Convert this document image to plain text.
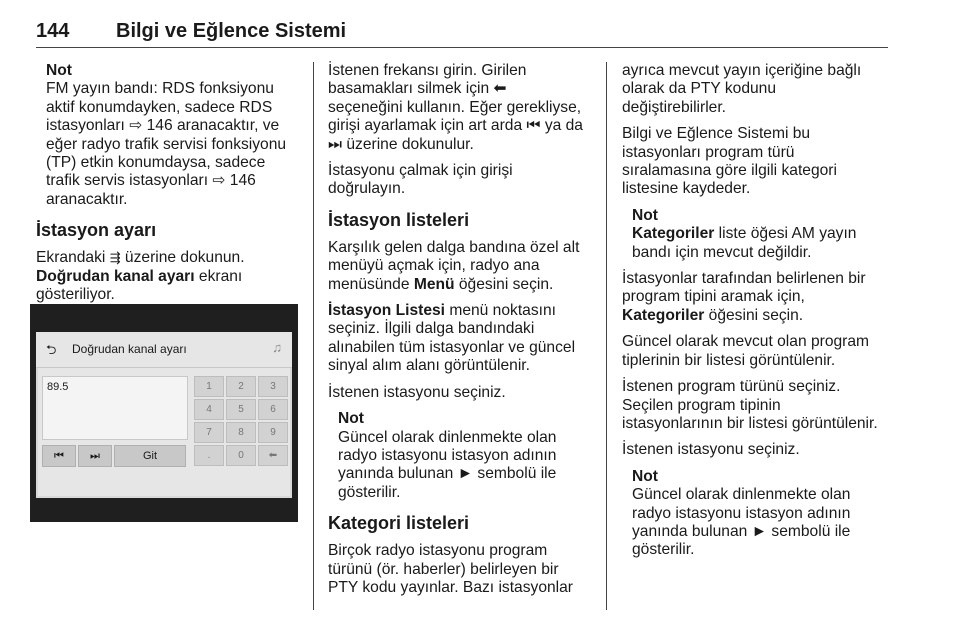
144 Bilgi ve Eğlence Sistemi
Not
FM yayın bandı: RDS fonksiyonu
aktif konumdayken, sadece RDS
istasyonları ⇨ 146 aranacaktır, ve
eğer radyo trafik servisi fonksiyonu
(TP) etkin konumdaysa, sadece
trafik servis istasyonları ⇨ 146
aranacaktır.
İstasyon ayarı
Ekrandaki ⇶ üzerine dokunun.
Doğrudan kanal ayarı ekranı
gösteriliyor.
⮌ Doğrudan kanal ayarı	♫
89.5	1	2	3
4	5	6
7	8	9
.	0	⬅
⏮	⏭	Git

İstenen frekansı girin. Girilen
basamakları silmek için ⬅
seçeneğini kullanın. Eğer gerekliyse,
girişi ayarlamak için art arda ⏮ ya da
⏭ üzerine dokunulur.

İstasyonu çalmak için girişi
doğrulayın.

İstasyon listeleri

Karşılık gelen dalga bandına özel alt
menüyü açmak için, radyo ana
menüsünde Menü öğesini seçin.

İstasyon Listesi menü noktasını
seçiniz. İlgili dalga bandındaki
alınabilen tüm istasyonlar ve güncel
sinyal alım alanı görüntülenir.

İstenen istasyonu seçiniz.

Not
Güncel olarak dinlenmekte olan
radyo istasyonu istasyon adının
yanında bulunan ► sembolü ile
gösterilir.

Kategori listeleri

Birçok radyo istasyonu program
türünü (ör. haberler) belirleyen bir
PTY kodu yayınlar. Bazı istasyonlar

ayrıca mevcut yayın içeriğine bağlı
olarak da PTY kodunu
değiştirebilirler.

Bilgi ve Eğlence Sistemi bu
istasyonları program türü
sıralamasına göre ilgili kategori
listesine kaydeder.

Not
Kategoriler liste öğesi AM yayın
bandı için mevcut değildir.

İstasyonlar tarafından belirlenen bir
program tipini aramak için,
Kategoriler öğesini seçin.

Güncel olarak mevcut olan program
tiplerinin bir listesi görüntülenir.

İstenen program türünü seçiniz.
Seçilen program tipinin
istasyonlarının bir listesi görüntülenir.

İstenen istasyonu seçiniz.

Not
Güncel olarak dinlenmekte olan
radyo istasyonu istasyon adının
yanında bulunan ► sembolü ile
gösterilir.
